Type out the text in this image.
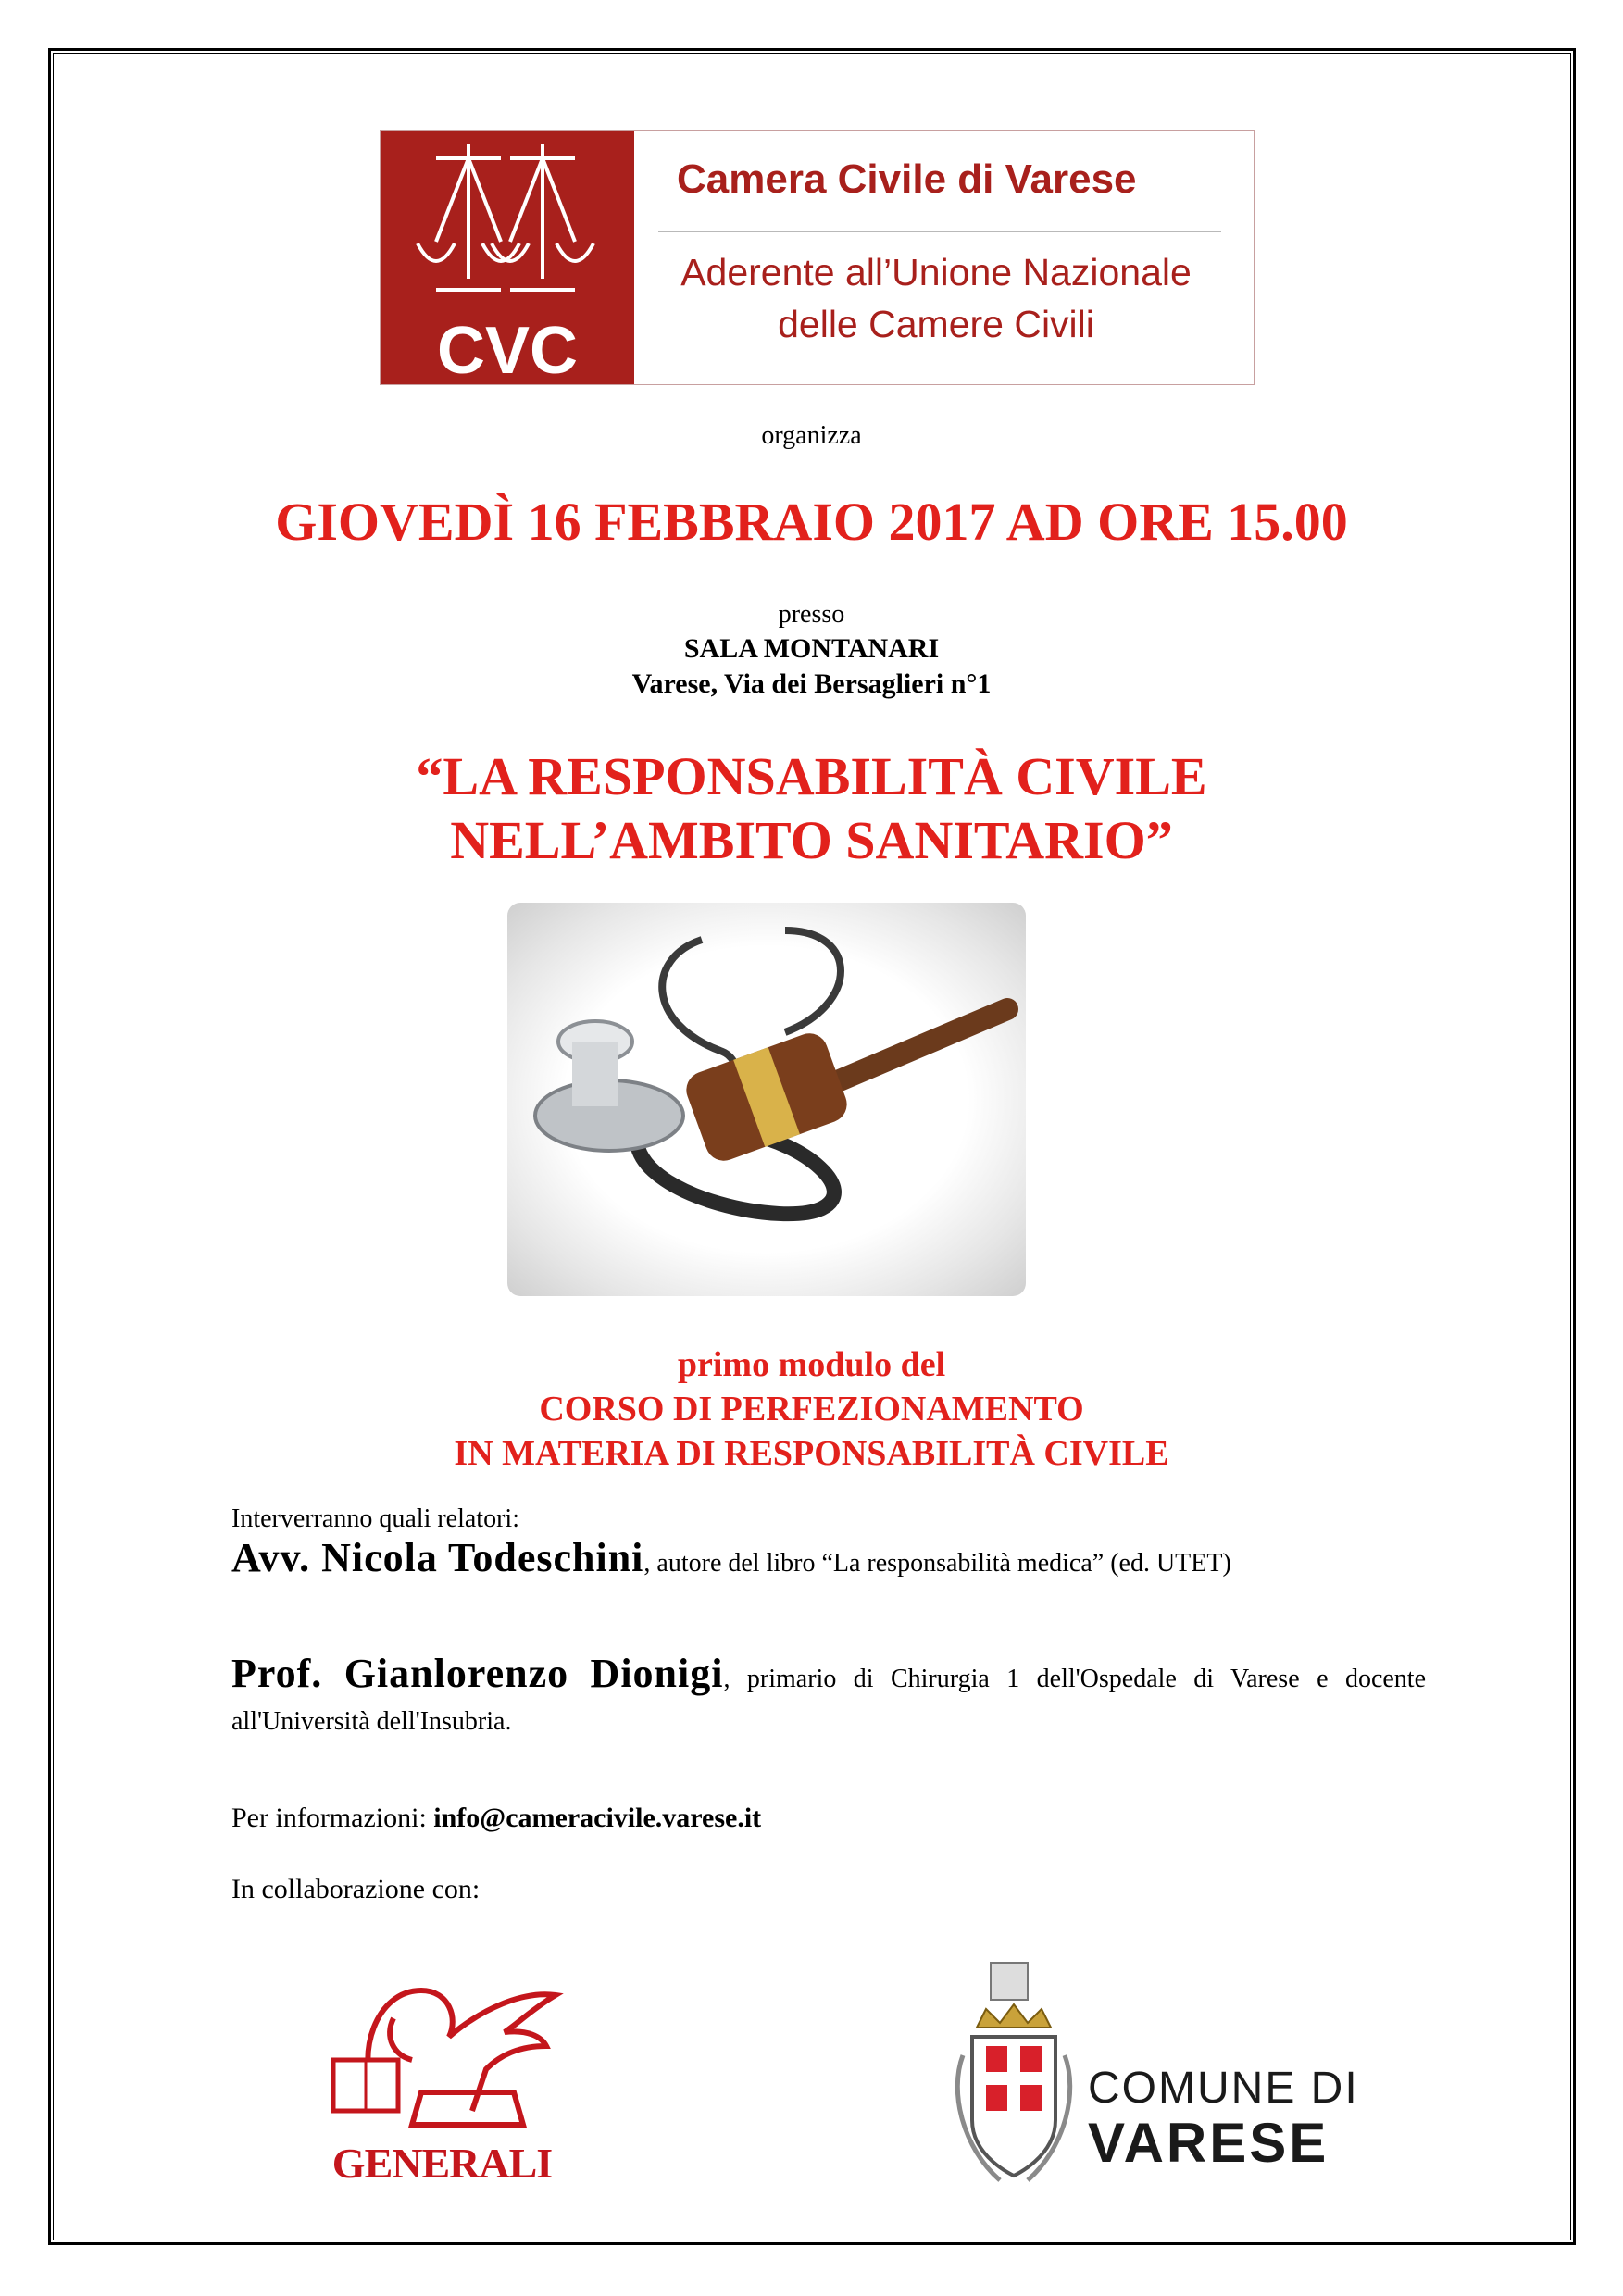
CVC
Camera Civile di Varese
Aderente all’Unione Nazionale
delle Camere Civili
organizza
GIOVEDÌ 16 FEBBRAIO 2017 AD ORE 15.00
presso
SALA MONTANARI
Varese, Via dei Bersaglieri n°1
“LA RESPONSABILITÀ CIVILE
NELL’AMBITO SANITARIO”
primo modulo del
CORSO DI PERFEZIONAMENTO
IN MATERIA DI RESPONSABILITÀ CIVILE
Interverranno quali relatori:
Avv. Nicola Todeschini, autore del libro “La responsabilità medica” (ed. UTET)
Prof. Gianlorenzo Dionigi, primario di Chirurgia 1 dell'Ospedale di Varese e docente all'Università dell'Insubria.
Per informazioni: info@cameracivile.varese.it
In collaborazione con:
GENERALI
COMUNE DI
VARESE
